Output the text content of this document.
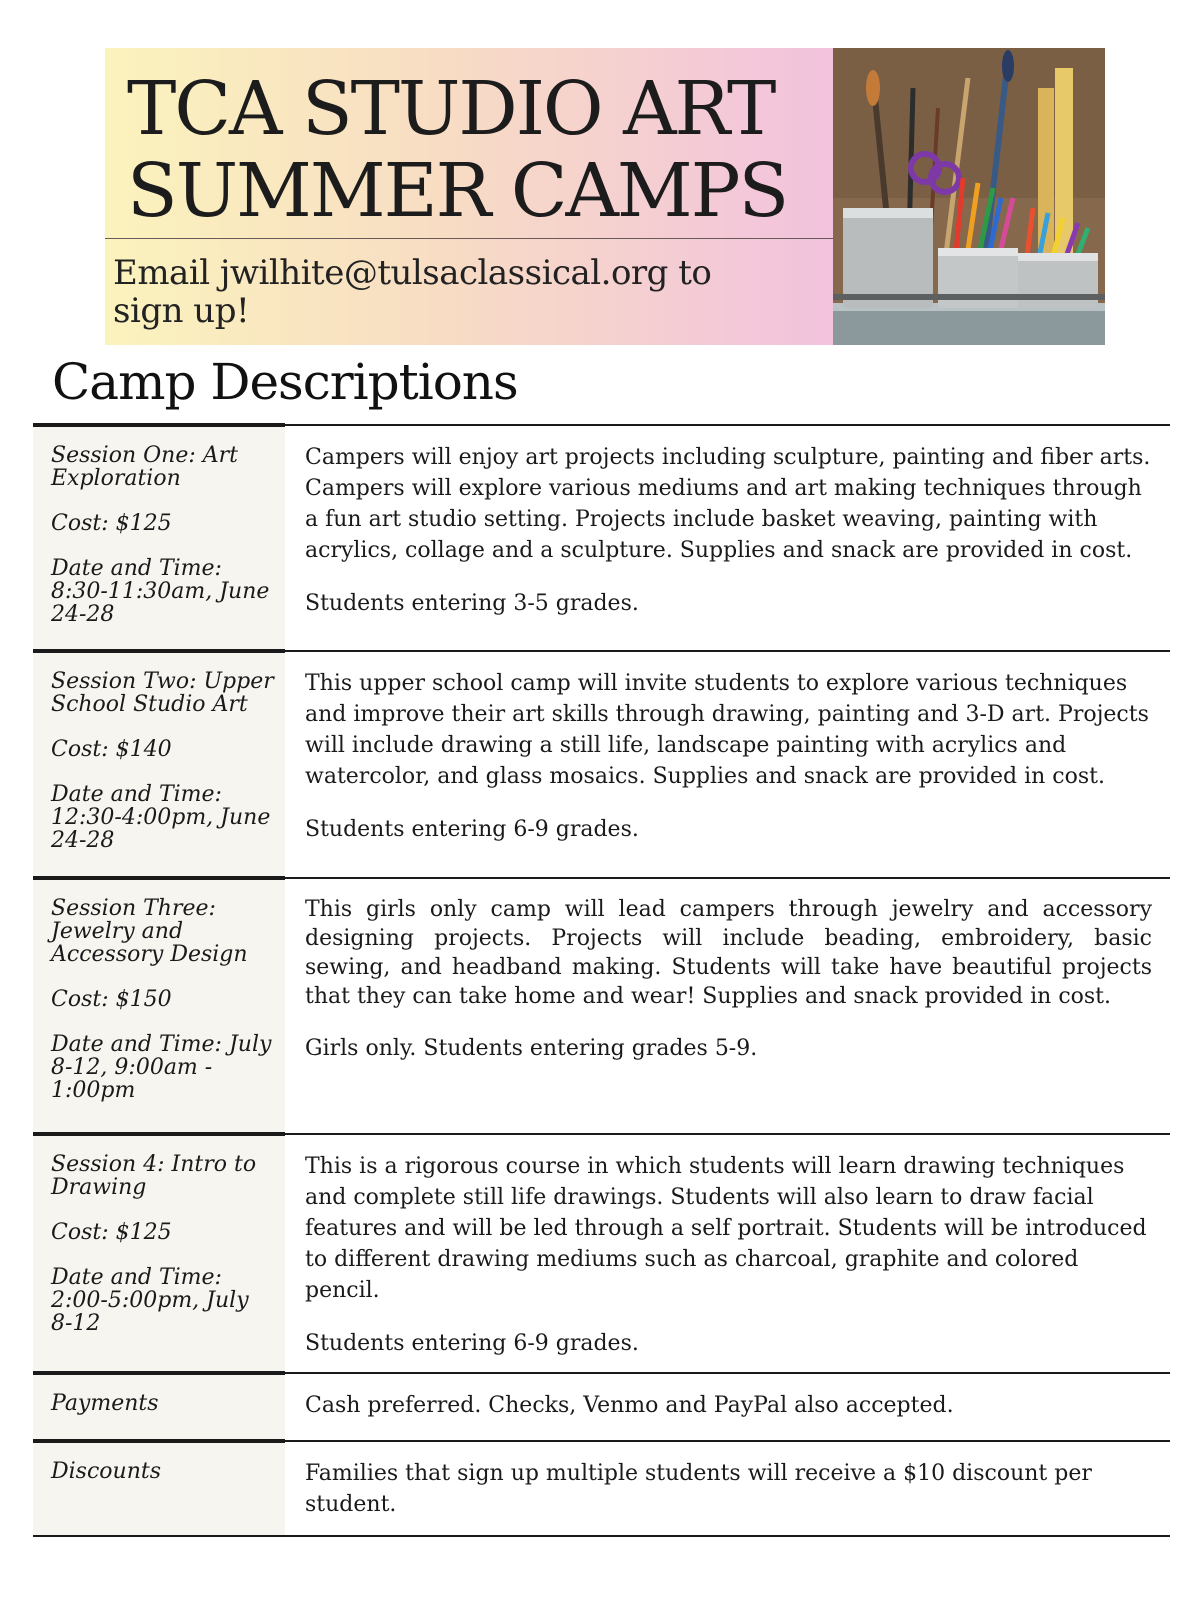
TCA STUDIO ART
SUMMER CAMPS

Email jwilhite@tulsaclassical.org to
sign up!

Camp Descriptions

Session One: Art Exploration

Cost: $125

Date and Time: 8:30-11:30am, June 24-28

Campers will enjoy art projects including sculpture, painting and fiber arts. Campers will explore various mediums and art making techniques through a fun art studio setting. Projects include basket weaving, painting with acrylics, collage and a sculpture. Supplies and snack are provided in cost.

Students entering 3-5 grades.

Session Two: Upper School Studio Art

Cost: $140

Date and Time: 12:30-4:00pm, June 24-28

This upper school camp will invite students to explore various techniques and improve their art skills through drawing, painting and 3-D art. Projects will include drawing a still life, landscape painting with acrylics and watercolor, and glass mosaics. Supplies and snack are provided in cost.

Students entering 6-9 grades.

Session Three: Jewelry and Accessory Design

Cost: $150

Date and Time: July 8-12, 9:00am - 1:00pm

This girls only camp will lead campers through jewelry and accessory designing projects. Projects will include beading, embroidery, basic sewing, and headband making. Students will take have beautiful projects that they can take home and wear! Supplies and snack provided in cost.

Girls only. Students entering grades 5-9.

Session 4: Intro to Drawing

Cost: $125

Date and Time: 2:00-5:00pm, July 8-12

This is a rigorous course in which students will learn drawing techniques and complete still life drawings. Students will also learn to draw facial features and will be led through a self portrait. Students will be introduced to different drawing mediums such as charcoal, graphite and colored pencil.

Students entering 6-9 grades.

Payments	Cash preferred. Checks, Venmo and PayPal also accepted.

Discounts	Families that sign up multiple students will receive a $10 discount per student.
